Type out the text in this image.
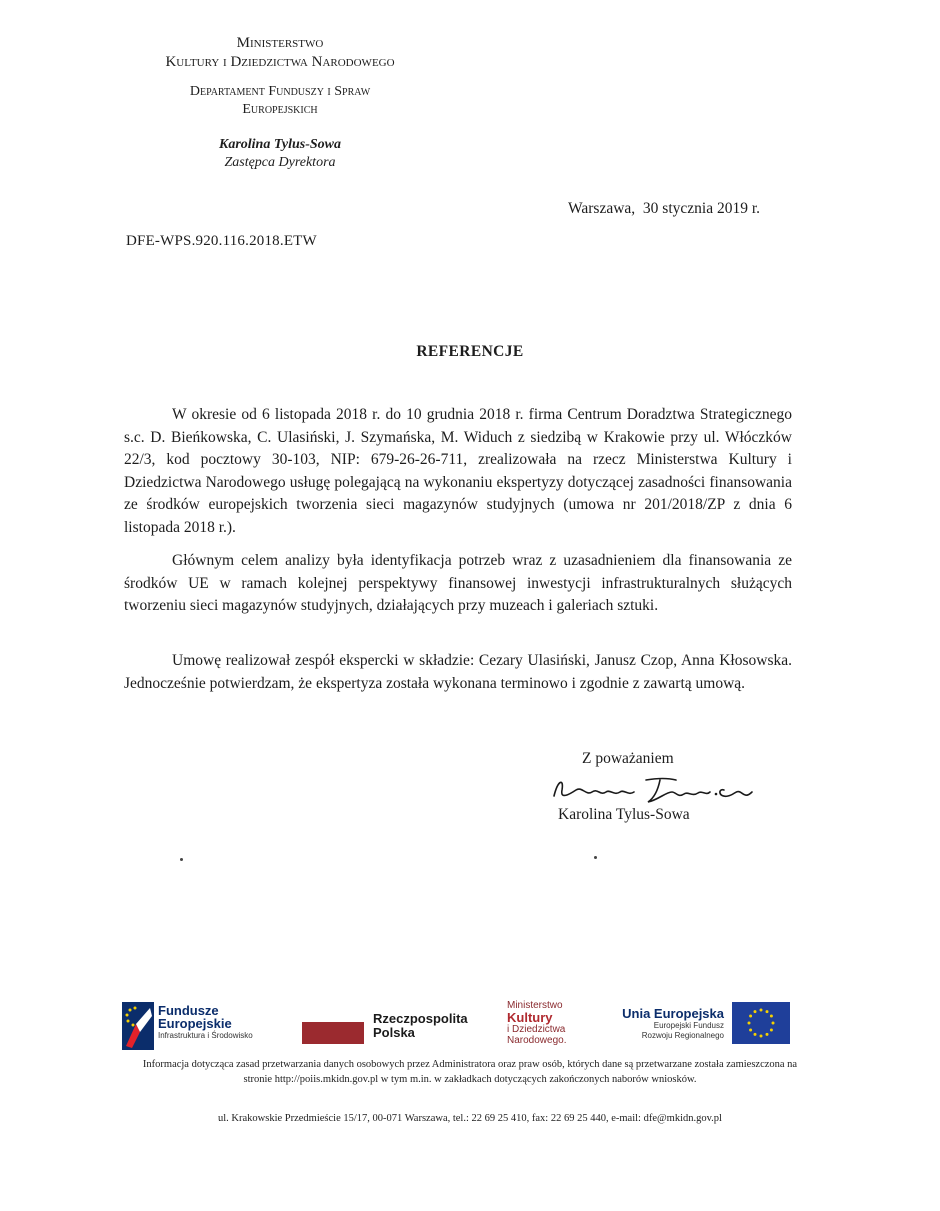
Ministerstwo
Kultury i Dziedzictwa Narodowego
Departament Funduszy i Spraw
Europejskich
Karolina Tylus-Sowa
Zastępca Dyrektora
Warszawa,  30 stycznia 2019 r.
DFE-WPS.920.116.2018.ETW
REFERENCJE
W okresie od 6 listopada 2018 r. do 10 grudnia 2018 r. firma Centrum Doradztwa Strategicznego s.c. D. Bieńkowska, C. Ulasiński, J. Szymańska, M. Widuch z siedzibą w Krakowie przy ul. Włóczków 22/3, kod pocztowy 30-103, NIP: 679-26-26-711, zrealizowała na rzecz Ministerstwa Kultury i Dziedzictwa Narodowego usługę polegającą na wykonaniu ekspertyzy dotyczącej zasadności finansowania ze środków europejskich tworzenia sieci magazynów studyjnych (umowa nr 201/2018/ZP z dnia 6 listopada 2018 r.).
Głównym celem analizy była identyfikacja potrzeb wraz z uzasadnieniem dla finansowania ze środków UE w ramach kolejnej perspektywy finansowej inwestycji infrastrukturalnych służących tworzeniu sieci magazynów studyjnych, działających przy muzeach i galeriach sztuki.
Umowę realizował zespół ekspercki w składzie: Cezary Ulasiński, Janusz Czop, Anna Kłosowska. Jednocześnie potwierdzam, że ekspertyza została wykonana terminowo i zgodnie z zawartą umową.
Z poważaniem
Karolina Tylus-Sowa
Fundusze
Europejskie
Infrastruktura i Środowisko
Rzeczpospolita
Polska
Ministerstwo
Kultury
i Dziedzictwa
Narodowego.
Unia Europejska
Europejski Fundusz
Rozwoju Regionalnego
Informacja dotycząca zasad przetwarzania danych osobowych przez Administratora oraz praw osób, których dane są przetwarzane została zamieszczona na stronie http://poiis.mkidn.gov.pl w tym m.in. w zakładkach dotyczących zakończonych naborów wniosków.
ul. Krakowskie Przedmieście 15/17, 00-071 Warszawa, tel.: 22 69 25 410, fax: 22 69 25 440, e-mail: dfe@mkidn.gov.pl
